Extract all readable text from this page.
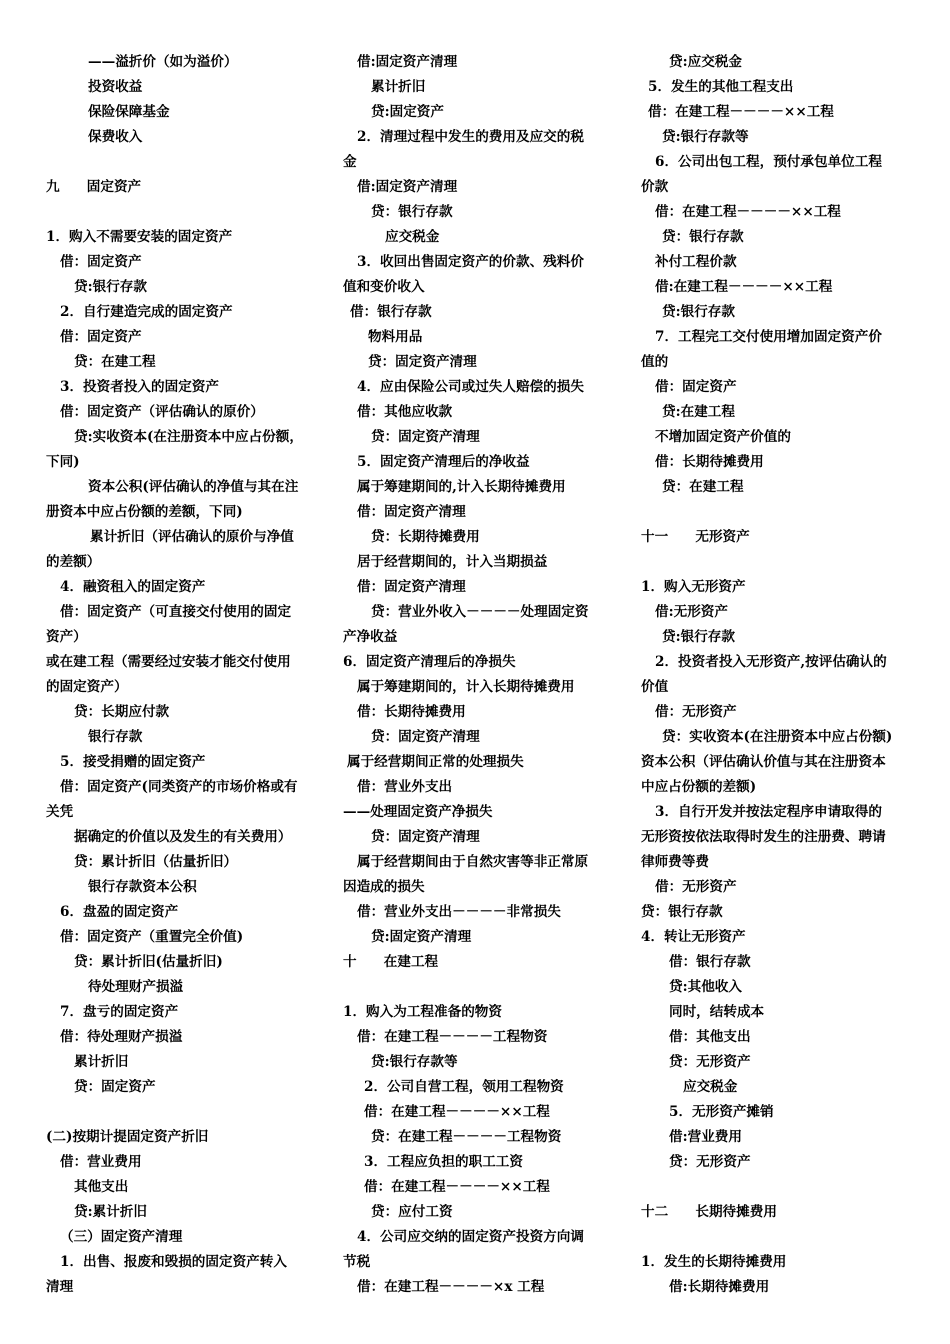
——溢折价（如为溢价）
投资收益
保险保障基金
保费收入
九　　固定资产
1．购入不需要安装的固定资产
借：固定资产
贷:银行存款
2．自行建造完成的固定资产
借：固定资产
贷：在建工程
3．投资者投入的固定资产
借：固定资产（评估确认的原价）
贷:实收资本(在注册资本中应占份额，
下同)
资本公积(评估确认的净值与其在注
册资本中应占份额的差额，下同)
累计折旧（评估确认的原价与净值
的差额）
4．融资租入的固定资产
借：固定资产（可直接交付使用的固定
资产）
或在建工程（需要经过安装才能交付使用
的固定资产）
贷：长期应付款
银行存款
5．接受捐赠的固定资产
借：固定资产(同类资产的市场价格或有
关凭
据确定的价值以及发生的有关费用）
贷：累计折旧（估量折旧）
银行存款资本公积
6．盘盈的固定资产
借：固定资产（重置完全价值)
贷：累计折旧(估量折旧)
待处理财产损溢
7．盘亏的固定资产
借：待处理财产损溢
累计折旧
贷：固定资产
(二)按期计提固定资产折旧
借：营业费用
其他支出
贷:累计折旧
（三）固定资产清理
1．出售、报废和毁损的固定资产转入
清理
借:固定资产清理
累计折旧
贷:固定资产
2．清理过程中发生的费用及应交的税
金
借:固定资产清理
贷：银行存款
应交税金
3．收回出售固定资产的价款、残料价
值和变价收入
借：银行存款
物料用品
贷：固定资产清理
4．应由保险公司或过失人赔偿的损失
借：其他应收款
贷：固定资产清理
5．固定资产清理后的净收益
属于筹建期间的,计入长期待摊费用
借：固定资产清理
贷：长期待摊费用
居于经营期间的，计入当期损益
借：固定资产清理
贷：营业外收入－－－－处理固定资
产净收益
6．固定资产清理后的净损失
属于筹建期间的，计入长期待摊费用
借：长期待摊费用
贷：固定资产清理
属于经营期间正常的处理损失
借：营业外支出
——处理固定资产净损失
贷：固定资产清理
属于经营期间由于自然灾害等非正常原
因造成的损失
借：营业外支出－－－－非常损失
贷:固定资产清理
十　　在建工程
1．购入为工程准备的物资
借：在建工程－－－－工程物资
贷:银行存款等
2．公司自营工程，领用工程物资
借：在建工程－－－－××工程
贷：在建工程－－－－工程物资
3．工程应负担的职工工资
借：在建工程－－－－××工程
贷：应付工资
4．公司应交纳的固定资产投资方向调
节税
借：在建工程－－－－×x 工程
贷:应交税金
5．发生的其他工程支出
借：在建工程－－－－××工程
贷:银行存款等
6．公司出包工程，预付承包单位工程
价款
借：在建工程－－－－××工程
贷：银行存款
补付工程价款
借:在建工程－－－－××工程
贷:银行存款
7．工程完工交付使用增加固定资产价
值的
借：固定资产
贷:在建工程
不增加固定资产价值的
借：长期待摊费用
贷：在建工程
十一　　无形资产
1．购入无形资产
借:无形资产
贷:银行存款
2．投资者投入无形资产,按评估确认的
价值
借：无形资产
贷：实收资本(在注册资本中应占份额)
资本公积（评估确认价值与其在注册资本
中应占份额的差额)
3．自行开发并按法定程序申请取得的
无形资按依法取得时发生的注册费、聘请
律师费等费
借：无形资产
贷：银行存款
4．转让无形资产
借：银行存款
贷:其他收入
同时，结转成本
借：其他支出
贷：无形资产
应交税金
5．无形资产摊销
借:营业费用
贷：无形资产
十二　　长期待摊费用
1．发生的长期待摊费用
借:长期待摊费用
